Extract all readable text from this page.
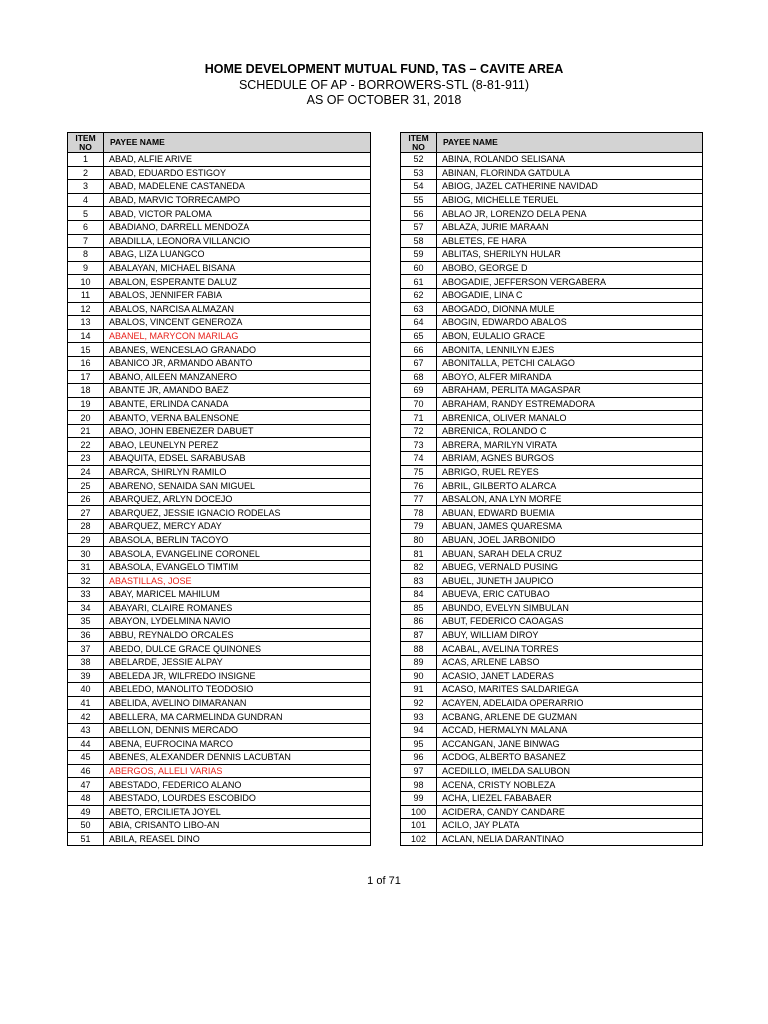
HOME DEVELOPMENT MUTUAL FUND, TAS – CAVITE AREA
SCHEDULE OF AP - BORROWERS-STL (8-81-911)
AS OF OCTOBER 31, 2018
ITEM
NO	PAYEE NAME
1	ABAD, ALFIE ARIVE
2	ABAD, EDUARDO ESTIGOY
3	ABAD, MADELENE CASTANEDA
4	ABAD, MARVIC TORRECAMPO
5	ABAD, VICTOR PALOMA
6	ABADIANO, DARRELL MENDOZA
7	ABADILLA, LEONORA VILLANCIO
8	ABAG, LIZA LUANGCO
9	ABALAYAN, MICHAEL BISANA
10	ABALON, ESPERANTE DALUZ
11	ABALOS, JENNIFER FABIA
12	ABALOS, NARCISA ALMAZAN
13	ABALOS, VINCENT GENEROZA
14	ABANEL, MARYCON MARILAG
15	ABANES, WENCESLAO GRANADO
16	ABANICO JR, ARMANDO ABANTO
17	ABANO, AILEEN MANZANERO
18	ABANTE JR, AMANDO BAEZ
19	ABANTE, ERLINDA CANADA
20	ABANTO, VERNA BALENSONE
21	ABAO, JOHN EBENEZER DABUET
22	ABAO, LEUNELYN PEREZ
23	ABAQUITA, EDSEL SARABUSAB
24	ABARCA, SHIRLYN RAMILO
25	ABARENO, SENAIDA SAN MIGUEL
26	ABARQUEZ, ARLYN DOCEJO
27	ABARQUEZ, JESSIE IGNACIO RODELAS
28	ABARQUEZ, MERCY ADAY
29	ABASOLA, BERLIN TACOYO
30	ABASOLA, EVANGELINE CORONEL
31	ABASOLA, EVANGELO TIMTIM
32	ABASTILLAS, JOSE
33	ABAY, MARICEL MAHILUM
34	ABAYARI, CLAIRE ROMANES
35	ABAYON, LYDELMINA NAVIO
36	ABBU, REYNALDO ORCALES
37	ABEDO, DULCE GRACE QUINONES
38	ABELARDE, JESSIE ALPAY
39	ABELEDA JR, WILFREDO INSIGNE
40	ABELEDO, MANOLITO TEODOSIO
41	ABELIDA, AVELINO DIMARANAN
42	ABELLERA, MA CARMELINDA GUNDRAN
43	ABELLON, DENNIS MERCADO
44	ABENA, EUFROCINA MARCO
45	ABENES, ALEXANDER DENNIS LACUBTAN
46	ABERGOS, ALLELI VARIAS
47	ABESTADO, FEDERICO ALANO
48	ABESTADO, LOURDES ESCOBIDO
49	ABETO, ERCILIETA JOYEL
50	ABIA, CRISANTO LIBO-AN
51	ABILA, REASEL DINO
ITEM
NO	PAYEE NAME
52	ABINA, ROLANDO SELISANA
53	ABINAN, FLORINDA GATDULA
54	ABIOG, JAZEL CATHERINE NAVIDAD
55	ABIOG, MICHELLE TERUEL
56	ABLAO JR, LORENZO DELA PENA
57	ABLAZA, JURIE MARAAN
58	ABLETES, FE HARA
59	ABLITAS, SHERILYN HULAR
60	ABOBO, GEORGE D
61	ABOGADIE, JEFFERSON VERGABERA
62	ABOGADIE, LINA C
63	ABOGADO, DIONNA MULE
64	ABOGIN, EDWARDO ABALOS
65	ABON, EULALIO GRACE
66	ABONITA, LENNILYN EJES
67	ABONITALLA, PETCHI CALAGO
68	ABOYO, ALFER MIRANDA
69	ABRAHAM, PERLITA MAGASPAR
70	ABRAHAM, RANDY ESTREMADORA
71	ABRENICA, OLIVER MANALO
72	ABRENICA, ROLANDO C
73	ABRERA, MARILYN VIRATA
74	ABRIAM, AGNES BURGOS
75	ABRIGO, RUEL REYES
76	ABRIL, GILBERTO ALARCA
77	ABSALON, ANA LYN MORFE
78	ABUAN, EDWARD BUEMIA
79	ABUAN, JAMES QUARESMA
80	ABUAN, JOEL JARBONIDO
81	ABUAN, SARAH DELA CRUZ
82	ABUEG, VERNALD PUSING
83	ABUEL, JUNETH JAUPICO
84	ABUEVA, ERIC CATUBAO
85	ABUNDO, EVELYN SIMBULAN
86	ABUT, FEDERICO CAOAGAS
87	ABUY, WILLIAM DIROY
88	ACABAL, AVELINA TORRES
89	ACAS, ARLENE LABSO
90	ACASIO, JANET LADERAS
91	ACASO, MARITES SALDARIEGA
92	ACAYEN, ADELAIDA OPERARRIO
93	ACBANG, ARLENE DE GUZMAN
94	ACCAD, HERMALYN MALANA
95	ACCANGAN, JANE BINWAG
96	ACDOG, ALBERTO BASANEZ
97	ACEDILLO, IMELDA SALUBON
98	ACENA, CRISTY NOBLEZA
99	ACHA, LIEZEL FABABAER
100	ACIDERA, CANDY CANDARE
101	ACILO, JAY PLATA
102	ACLAN, NELIA DARANTINAO
1 of 71
